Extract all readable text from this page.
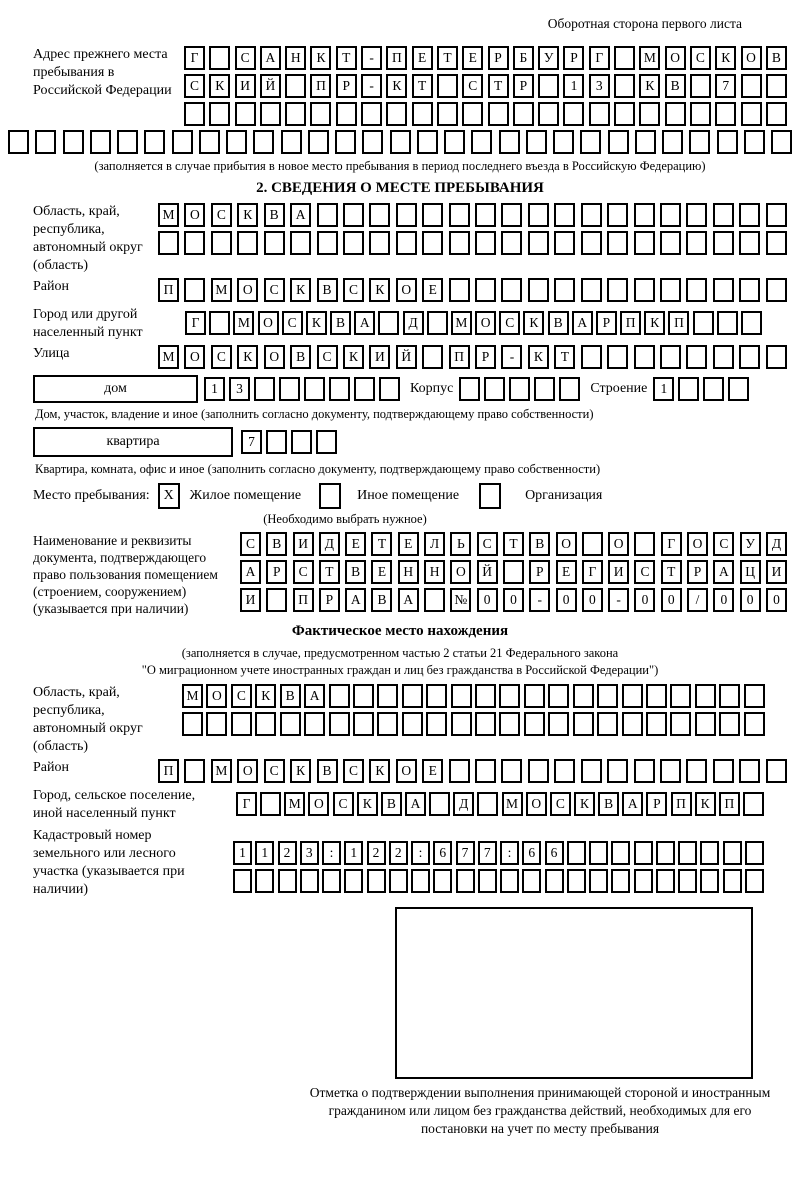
Оборотная сторона первого листа
Адрес прежнего места пребывания в Российской Федерации
Г	С	А	Н	К	Т	-	П	Е	Т	Е	Р	Б	У	Р	Г	М	О	С	К	О	В
С	К	И	Й	П	Р	-	К	Т	С	Т	Р	1	3	К	В	7
(заполняется в случае прибытия в новое место пребывания в период последнего въезда в Российскую Федерацию)
2. СВЕДЕНИЯ О МЕСТЕ ПРЕБЫВАНИЯ
Область, край, республика, автономный округ (область)
М	О	С	К	В	А
Район	П	М	О	С	К	В	С	К	О	Е
Город или другой населенный пункт
Г	М О	С	К	В	А	Д	М О	С	К	В	А	Р	П	К	П
Улица	М	О	С	К	О	В	С	К	И	Й	П	Р	-	К	Т
дом	1	3	Корпус	Строение 1
Дом, участок, владение и иное (заполнить согласно документу, подтверждающему право собственности)
квартира	7
Квартира, комната, офис и иное (заполнить согласно документу, подтверждающему право собственности)
Место пребывания: X	Жилое помещение	Иное помещение	Организация
(Необходимо выбрать нужное)
Наименование и реквизиты документа, подтверждающего право пользования помещением (строением, сооружением) (указывается при наличии)
С	В	И	Д	Е	Т	Е	Л	Ь	С	Т	В	О	О	Г	О	С	У	Д
А	Р	С	Т	В	Е	Н	Н	О	Й	Р	Е	Г	И	С	Т	Р	А	Ц	И
И	П	Р	А	В	А	№	0	0	-	0	0	-	0	0	/	0	0	0
Фактическое место нахождения
(заполняется в случае, предусмотренном частью 2 статьи 21 Федерального закона
"О миграционном учете иностранных граждан и лиц без гражданства в Российской Федерации")
Область, край, республика, автономный округ (область)
М	О	С	К	В	А
Район	П	М	О	С	К	В	С	К	О	Е
Город, сельское поселение, иной населенный пункт
Г	М О	С	К	В	А	Д	М О	С	К	В	А	Р	П	К	П
Кадастровый номер земельного или лесного участка (указывается при наличии)
1	1	2	3	:	1	2	2	:	6	7	7	:	6	6
Отметка о подтверждении выполнения принимающей стороной и иностранным гражданином или лицом без гражданства действий, необходимых для его постановки на учет по месту пребывания
